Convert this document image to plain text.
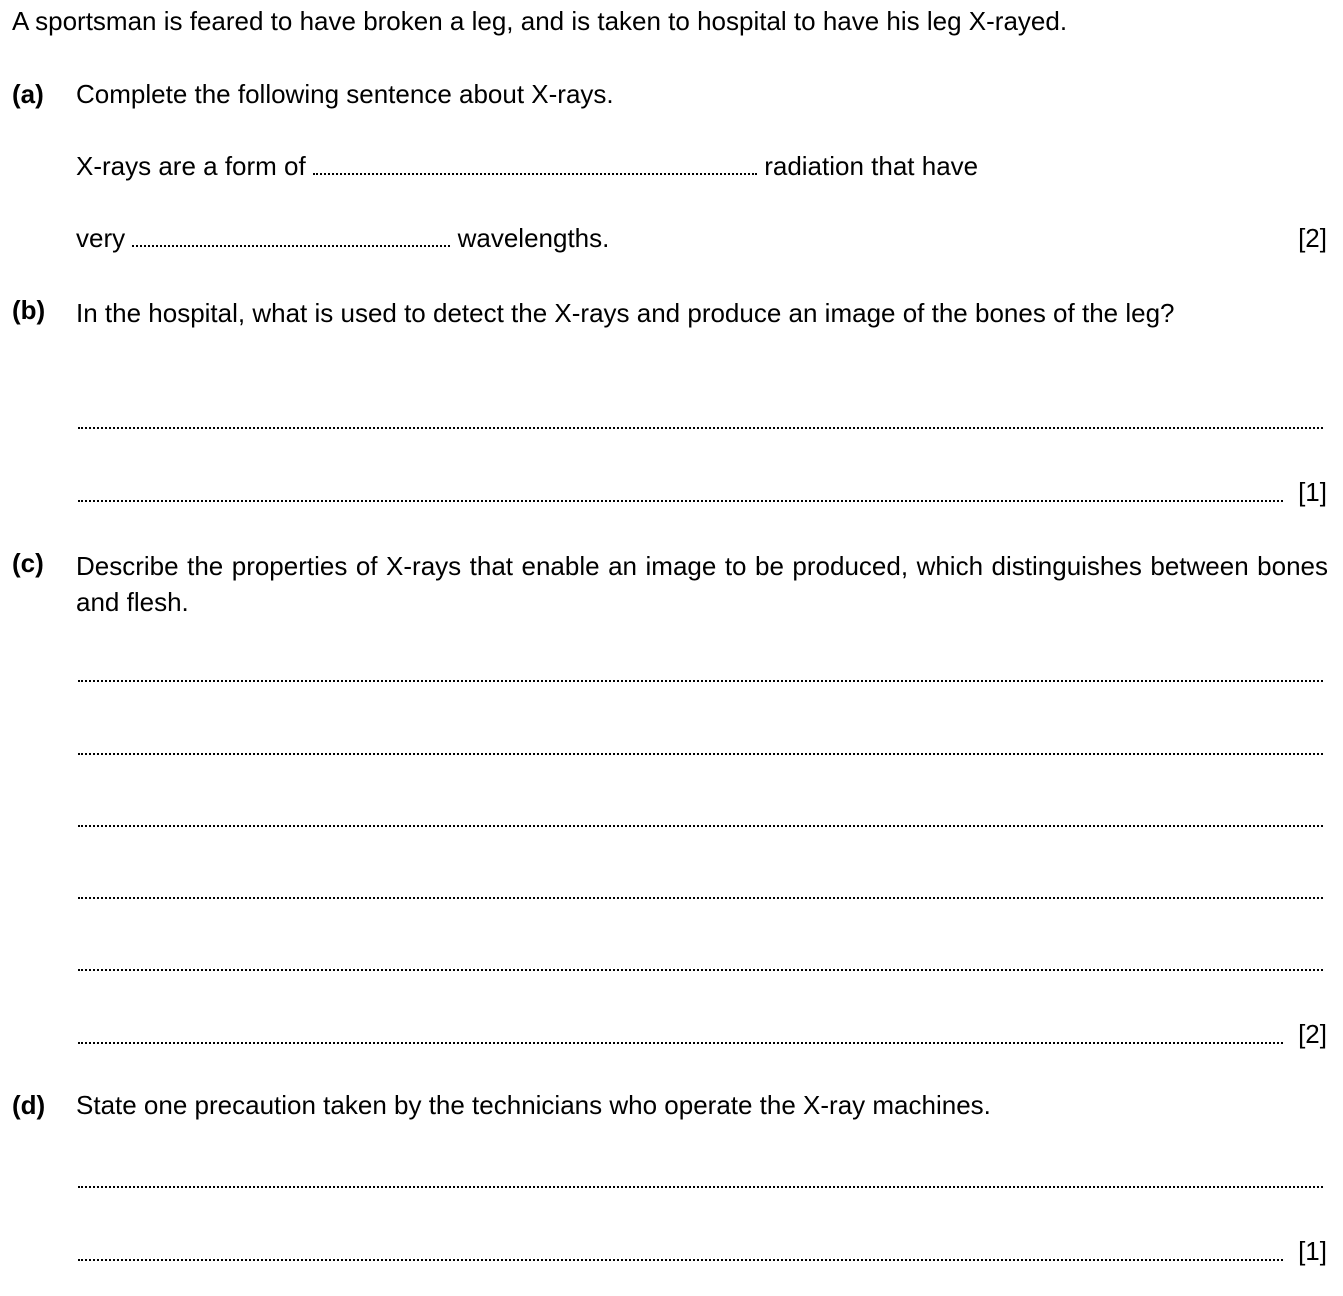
A sportsman is feared to have broken a leg, and is taken to hospital to have his leg X-rayed.
(a) Complete the following sentence about X-rays.
X-rays are a form of	radiation that have
very	wavelengths.	[2]
(b) In the hospital, what is used to detect the X-rays and produce an image of the bones of the leg?
[1]
(c) Describe the properties of X-rays that enable an image to be produced, which distinguishes between bones and flesh.
[2]
(d) State one precaution taken by the technicians who operate the X-ray machines.
[1]
